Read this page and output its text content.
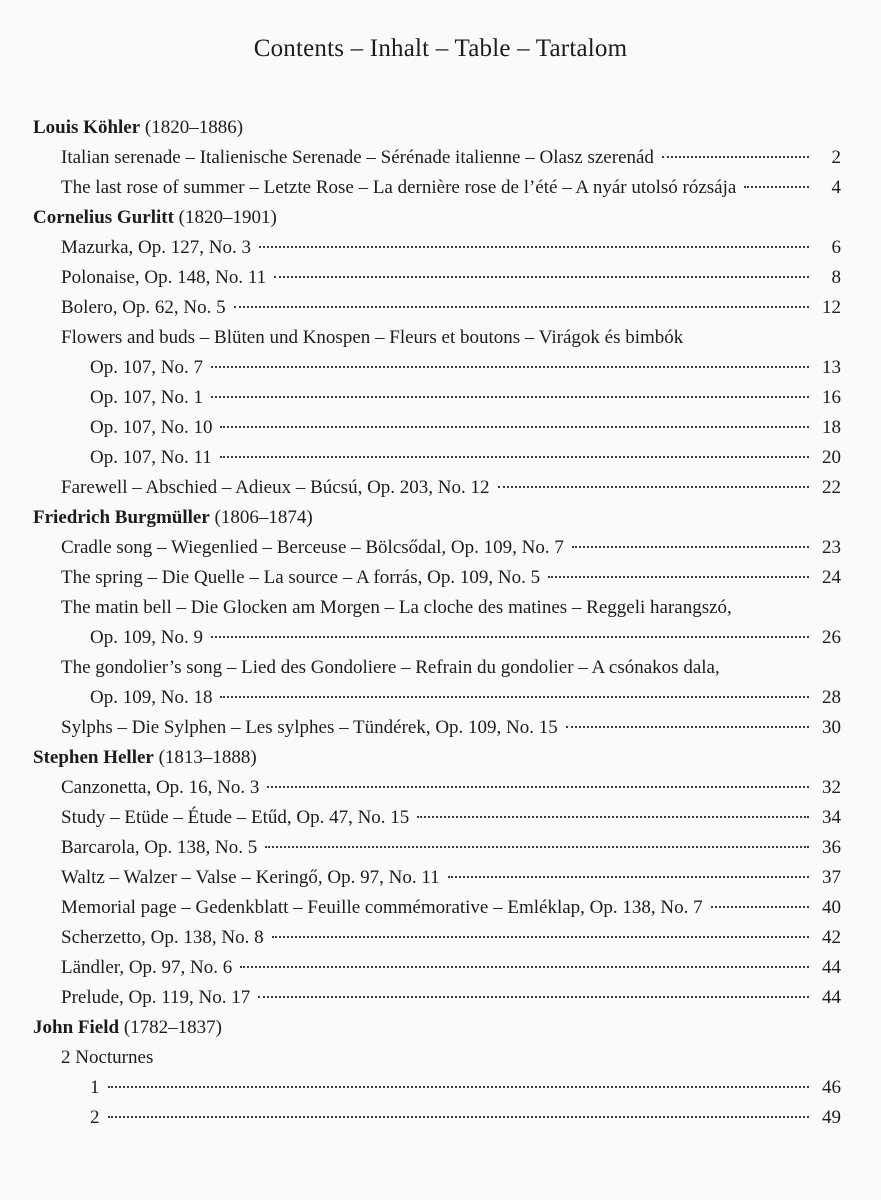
Contents – Inhalt – Table – Tartalom
Louis Köhler (1820–1886)
Italian serenade – Italienische Serenade – Sérénade italienne – Olasz szerenád	2
The last rose of summer – Letzte Rose – La dernière rose de l’été – A nyár utolsó rózsája	4
Cornelius Gurlitt (1820–1901)
Mazurka, Op. 127, No. 3	6
Polonaise, Op. 148, No. 11	8
Bolero, Op. 62, No. 5	12
Flowers and buds – Blüten und Knospen – Fleurs et boutons – Virágok és bimbók
Op. 107, No. 7	13
Op. 107, No. 1	16
Op. 107, No. 10	18
Op. 107, No. 11	20
Farewell – Abschied – Adieux – Búcsú, Op. 203, No. 12	22
Friedrich Burgmüller (1806–1874)
Cradle song – Wiegenlied – Berceuse – Bölcsődal, Op. 109, No. 7	23
The spring – Die Quelle – La source – A forrás, Op. 109, No. 5	24
The matin bell – Die Glocken am Morgen – La cloche des matines – Reggeli harangszó,
Op. 109, No. 9	26
The gondolier’s song – Lied des Gondoliere – Refrain du gondolier – A csónakos dala,
Op. 109, No. 18	28
Sylphs – Die Sylphen – Les sylphes – Tündérek, Op. 109, No. 15	30
Stephen Heller (1813–1888)
Canzonetta, Op. 16, No. 3	32
Study – Etüde – Étude – Etűd, Op. 47, No. 15	34
Barcarola, Op. 138, No. 5	36
Waltz – Walzer – Valse – Keringő, Op. 97, No. 11	37
Memorial page – Gedenkblatt – Feuille commémorative – Emléklap, Op. 138, No. 7	40
Scherzetto, Op. 138, No. 8	42
Ländler, Op. 97, No. 6	44
Prelude, Op. 119, No. 17	44
John Field (1782–1837)
2 Nocturnes
1	46
2	49
